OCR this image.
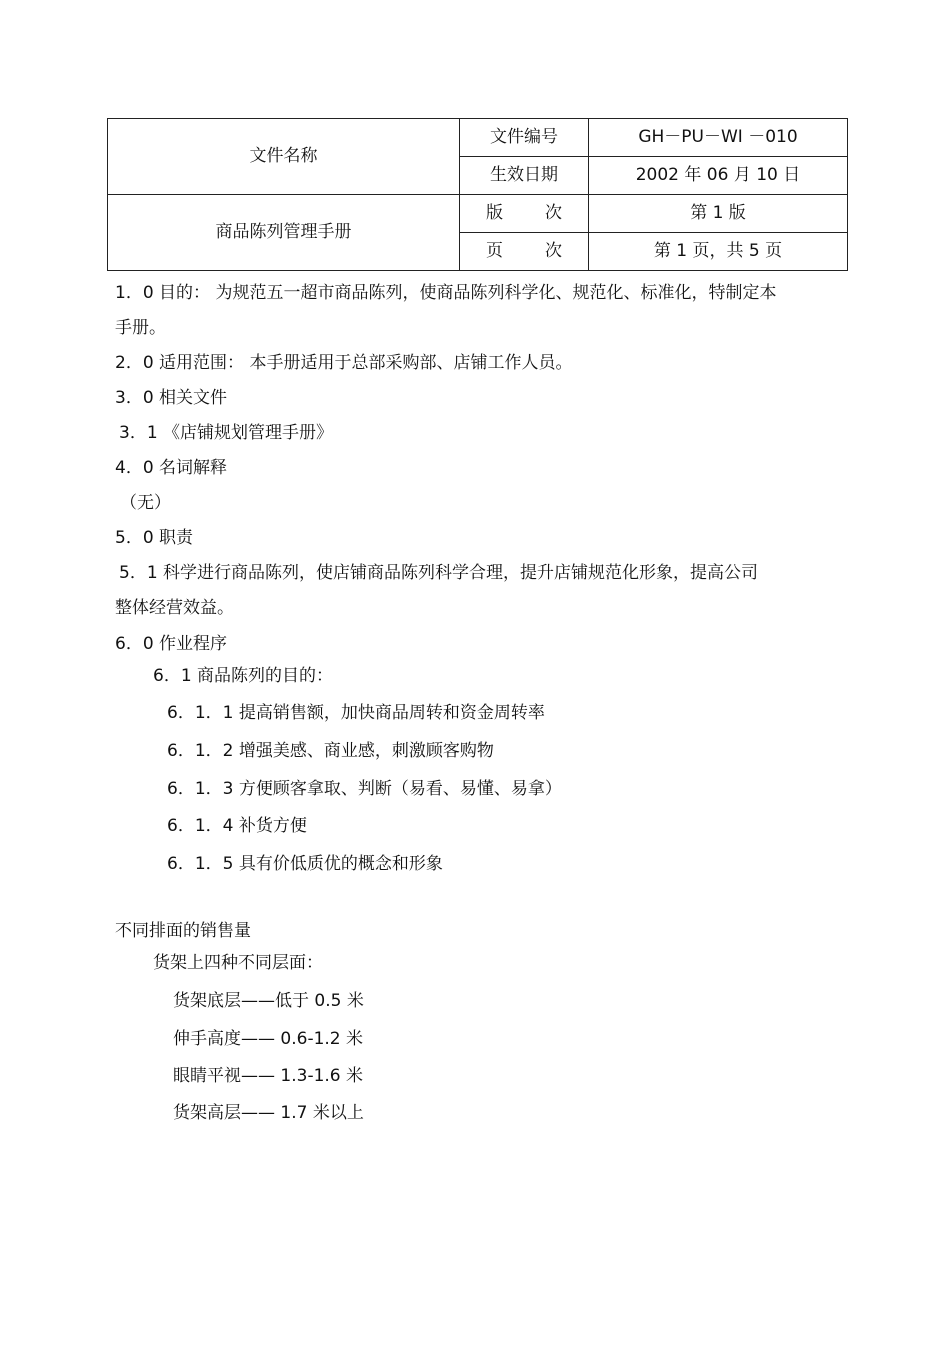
文件名称	文件编号	GH－PU－WI －010
	生效日期	2002 年 06 月 10 日
商品陈列管理手册	版 次	第 1 版

	页 次	第 1 页，共 5 页
1．0 目的： 为规范五一超市商品陈列，使商品陈列科学化、规范化、标准化，特制定本
手册。
2．0 适用范围： 本手册适用于总部采购部、店铺工作人员。
3．0 相关文件
3．1 《店铺规划管理手册》
4．0 名词解释
（无）
5．0 职责
5．1 科学进行商品陈列，使店铺商品陈列科学合理，提升店铺规范化形象，提高公司
整体经营效益。
6．0 作业程序
6．1 商品陈列的目的：
6．1．1 提高销售额，加快商品周转和资金周转率
6．1．2 增强美感、商业感，刺激顾客购物
6．1．3 方便顾客拿取、判断（易看、易懂、易拿）
6．1．4 补货方便
6．1．5 具有价低质优的概念和形象
不同排面的销售量
货架上四种不同层面：
货架底层——低于 0.5 米
伸手高度—— 0.6-1.2 米
眼睛平视—— 1.3-1.6 米
货架高层—— 1.7 米以上
